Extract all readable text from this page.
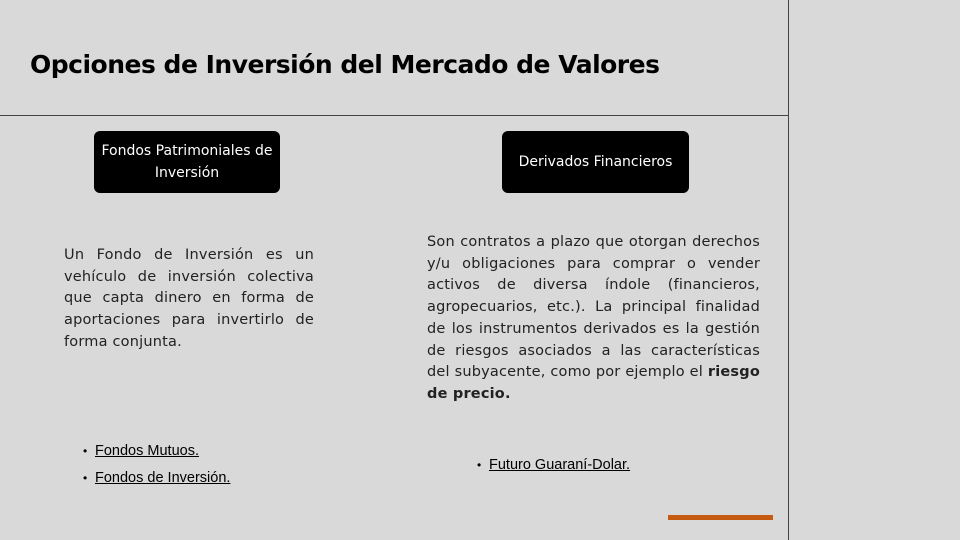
Opciones de Inversión del Mercado de Valores
Fondos Patrimoniales de Inversión
Derivados Financieros
Un Fondo de Inversión es un vehículo de inversión colectiva que capta dinero en forma de aportaciones para invertirlo de forma conjunta.
Son contratos a plazo que otorgan derechos y/u obligaciones para comprar o vender activos de diversa índole (financieros, agropecuarios, etc.). La principal finalidad de los instrumentos derivados es la gestión de riesgos asociados a las características del subyacente, como por ejemplo el riesgo de precio.
• Fondos Mutuos.
• Fondos de Inversión.
• Futuro Guaraní-Dolar.
